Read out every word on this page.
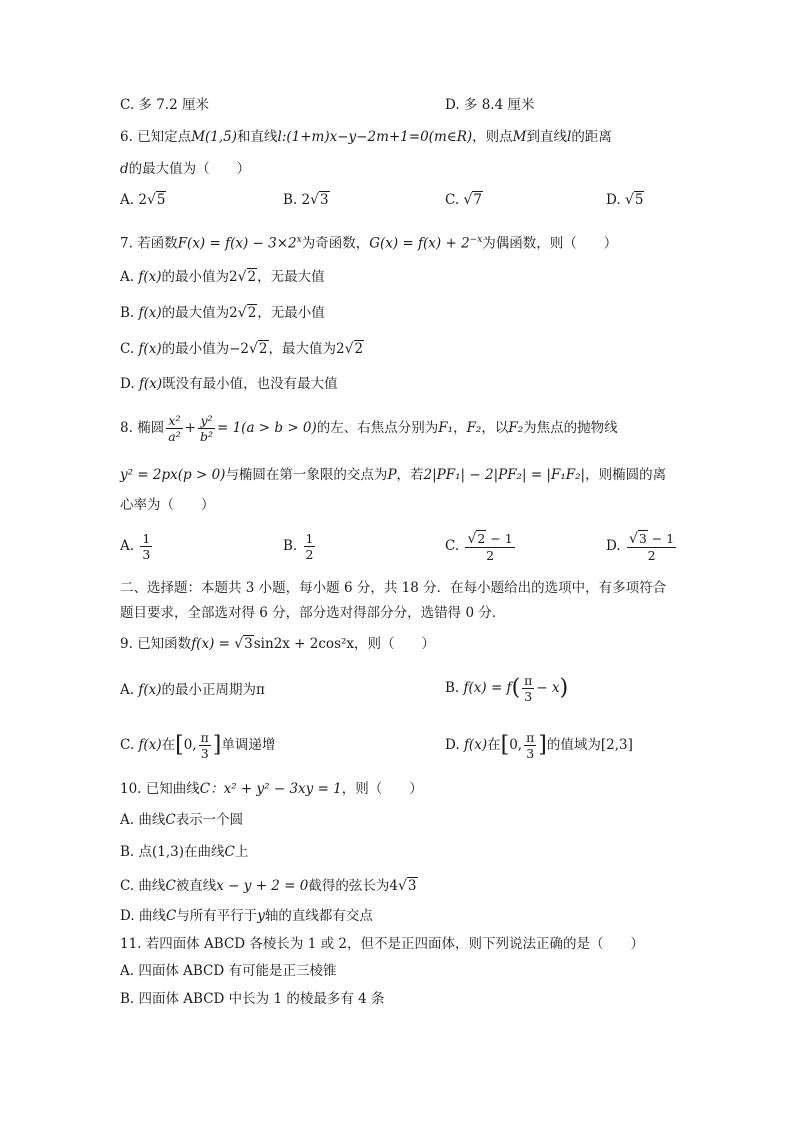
C. 多 7.2 厘米	D. 多 8.4 厘米
6. 已知定点M(1,5)和直线l:(1+m)x−y−2m+1=0(m∈R)，则点M到直线l的距离
d的最大值为（　　）
A. 2√5	B. 2√3	C. √7	D. √5
7. 若函数$F(x) = f(x) - 3\times 2^x$为奇函数，$G(x) = f(x) + 2^{-x}$为偶函数，则（　　）
A. f(x)的最小值为2√2，无最大值
B. f(x)的最大值为2√2，无最小值
C. f(x)的最小值为−2√2，最大值为2√2
D. f(x)既没有最小值，也没有最大值
8. 椭圆 $\frac{\text{x²}}{\text{a²}} + \frac{\text{y²}}{\text{b²}} = 1(a > b > 0)$的左、右焦点分别为F₁，F₂，以F₂为焦点的抛物线
y² = 2px(p > 0)与椭圆在第一象限的交点为P，若2|PF₁| − 2|PF₂| = |F₁F₂|，则椭圆的离
心率为（　　）
A. $\frac{1}{3}$	B. $\frac{1}{2}$	C. $\frac{√2 - 1}{2}$	D. $\frac{√3 - 1}{2}$
二、选择题：本题共 3 小题，每小题 6 分，共 18 分．在每小题给出的选项中，有多项符合
题目要求，全部选对得 6 分，部分选对得部分分，选错得 0 分．
9. 已知函数f(x) = √3sin2x + 2cos²x，则（　　）
A. f(x)的最小正周期为π	B. $f(x) = f( \frac{\pi}{3} - x)$
C. f(x)在[0, $\frac{\pi}{3}$ ]单调递增	D. f(x)在[0, $\frac{\pi}{3}$ ]的值域为[2,3]
10. 已知曲线C：x² + y² − 3xy = 1，则（　　）
A. 曲线C表示一个圆
B. 点(1,3)在曲线C上
C. 曲线C被直线x − y + 2 = 0截得的弦长为4√3
D. 曲线C与所有平行于y轴的直线都有交点
11. 若四面体 ABCD 各棱长为 1 或 2，但不是正四面体，则下列说法正确的是（　　）
A. 四面体 ABCD 有可能是正三棱锥
B. 四面体 ABCD 中长为 1 的棱最多有 4 条
